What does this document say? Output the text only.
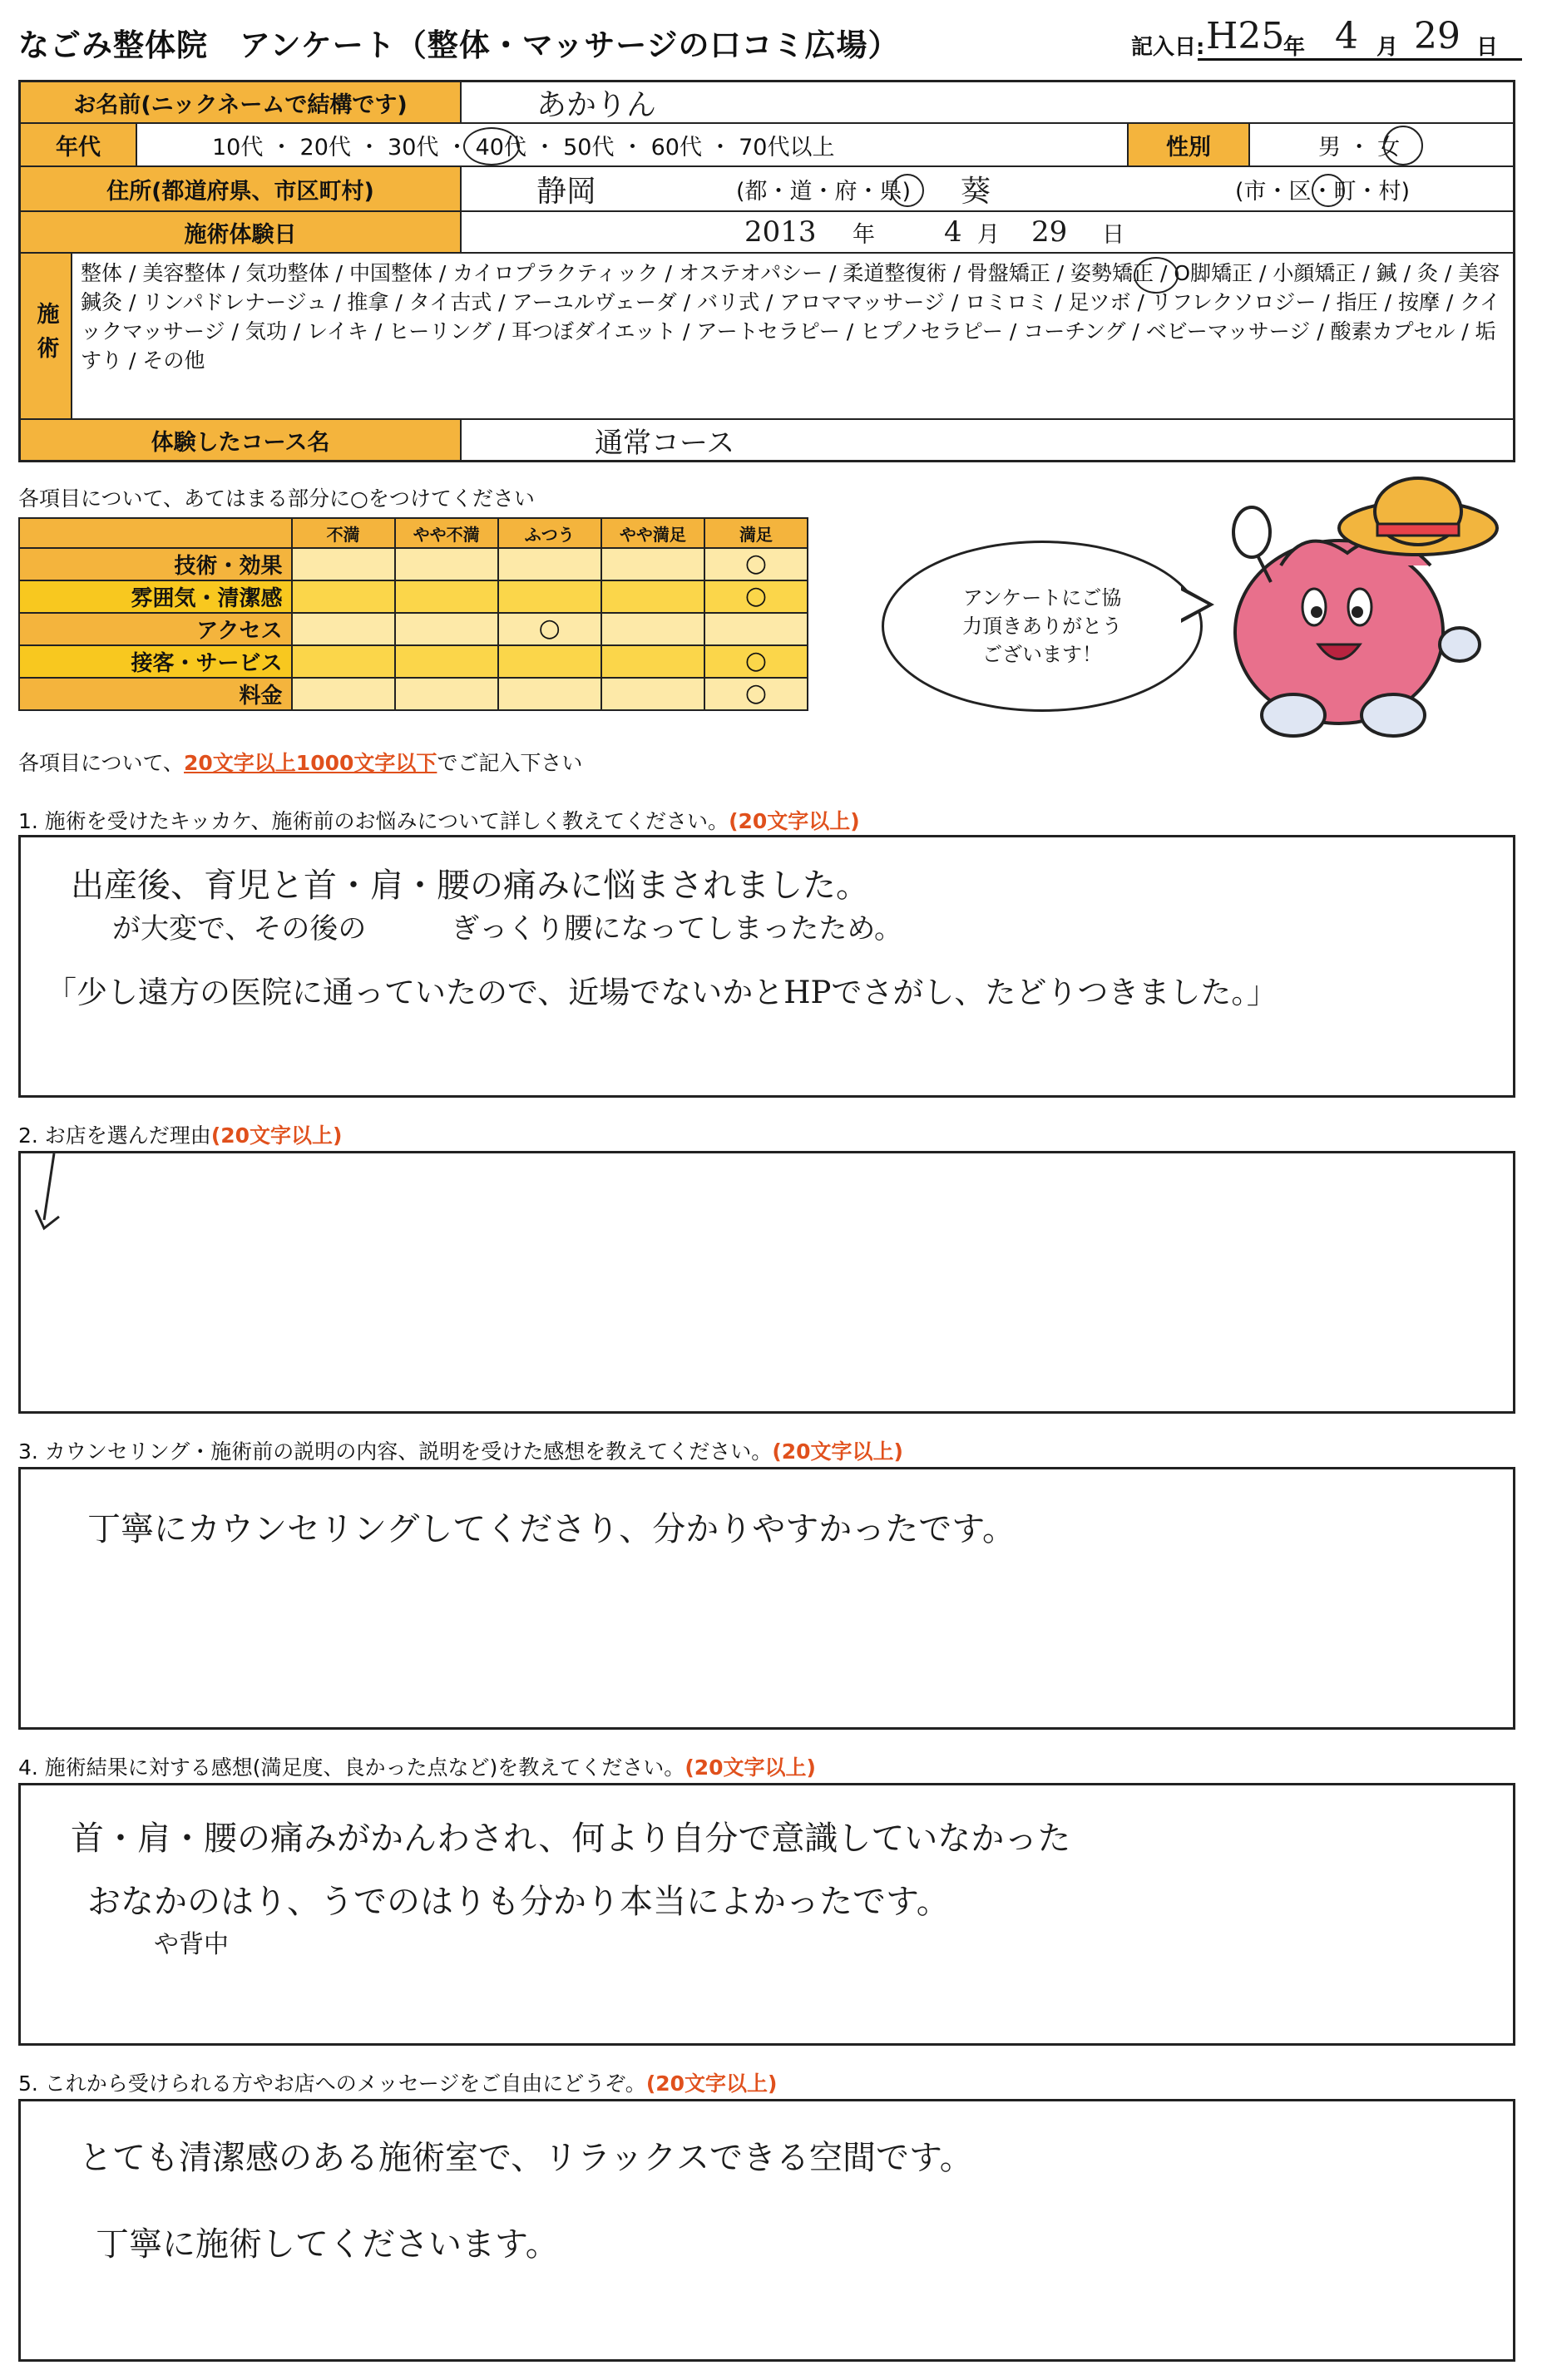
なごみ整体院　アンケート（整体・マッサージの口コミ広場）	記入日: H25
年 4 月 29 日
お名前(ニックネームで結構です)	あかりん
年代	10代 ・ 20代 ・ 30代 ・ 40代 ・ 50代 ・ 60代 ・ 70代以上	性別	男 ・ 女
住所(都道府県、市区町村)	静岡	(都・道・府・県) 葵	(市・区・町・村)
施術体験日	2013 年 4 月 29 日
施術
整体 / 美容整体 / 気功整体 / 中国整体 / カイロプラクティック / オステオパシー / 柔道整復術 / 骨盤矯正 / 姿勢矯正 / O脚矯正 / 小顔矯正 / 鍼 / 灸 / 美容鍼灸 / リンパドレナージュ / 推拿 / タイ古式 / アーユルヴェーダ / バリ式 / アロママッサージ / ロミロミ / 足ツボ / リフレクソロジー / 指圧 / 按摩 / クイックマッサージ / 気功 / レイキ / ヒーリング / 耳つぼダイエット / アートセラピー / ヒプノセラピー / コーチング / ベビーマッサージ / 酸素カプセル / 垢すり / その他
体験したコース名	通常コース
各項目について、あてはまる部分に○をつけてください
	不満	やや不満	ふつう	やや満足	満足
技術・効果					○
雰囲気・清潔感					○
アクセス			○		
接客・サービス					○
料金					○
アンケートにご協
力頂きありがとう
ございます！
各項目について、20文字以上1000文字以下でご記入下さい
1. 施術を受けたキッカケ、施術前のお悩みについて詳しく教えてください。(20文字以上)
出産後、育児と首・肩・腰の痛みに悩まされました。
が大変で、その後の　　　ぎっくり腰になってしまったため。
「少し遠方の医院に通っていたので、近場でないかとHPでさがし、たどりつきました。」
2. お店を選んだ理由(20文字以上)
3. カウンセリング・施術前の説明の内容、説明を受けた感想を教えてください。(20文字以上)
丁寧にカウンセリングしてくださり、分かりやすかったです。
4. 施術結果に対する感想(満足度、良かった点など)を教えてください。(20文字以上)
首・肩・腰の痛みがかんわされ、何より自分で意識していなかった
おなかのはり、うでのはりも分かり本当によかったです。
や背中
5. これから受けられる方やお店へのメッセージをご自由にどうぞ。(20文字以上)
とても清潔感のある施術室で、リラックスできる空間です。
丁寧に施術してくださいます。
